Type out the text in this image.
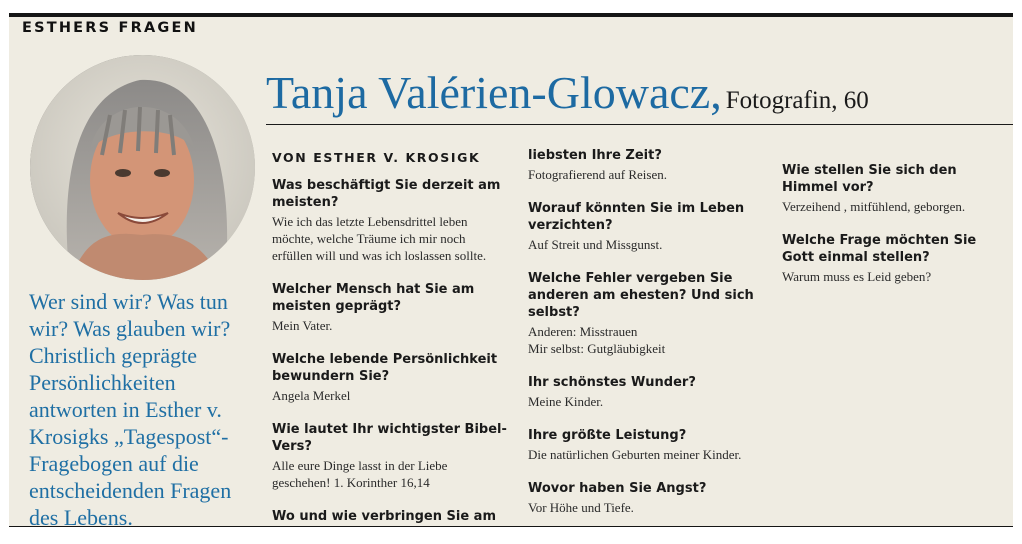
ESTHERS FRAGEN
Wer sind wir? Was tun wir? Was glauben wir? Christlich geprägte Persönlichkeiten antworten in Esther v. Krosigks „Tagespost“-Fragebogen auf die entscheidenden Fragen des Lebens.
Tanja Valérien-Glowacz, Fotografin, 60
VON ESTHER V. KROSIGK
Was beschäftigt Sie derzeit am meisten?
Wie ich das letzte Lebensdrittel leben möchte, welche Träume ich mir noch erfüllen will und was ich loslassen sollte.
Welcher Mensch hat Sie am meisten geprägt?
Mein Vater.
Welche lebende Persönlichkeit bewundern Sie?
Angela Merkel
Wie lautet Ihr wichtigster Bibel-Vers?
Alle eure Dinge lasst in der Liebe geschehen! 1. Korinther 16,14
Wo und wie verbringen Sie am
liebsten Ihre Zeit?
Fotografierend auf Reisen.
Worauf könnten Sie im Leben verzichten?
Auf Streit und Missgunst.
Welche Fehler vergeben Sie anderen am ehesten? Und sich selbst?
Anderen: Misstrauen
Mir selbst: Gutgläubigkeit
Ihr schönstes Wunder?
Meine Kinder.
Ihre größte Leistung?
Die natürlichen Geburten meiner Kinder.
Wovor haben Sie Angst?
Vor Höhe und Tiefe.
Wie stellen Sie sich den Himmel vor?
Verzeihend , mitfühlend, geborgen.
Welche Frage möchten Sie Gott einmal stellen?
Warum muss es Leid geben?
